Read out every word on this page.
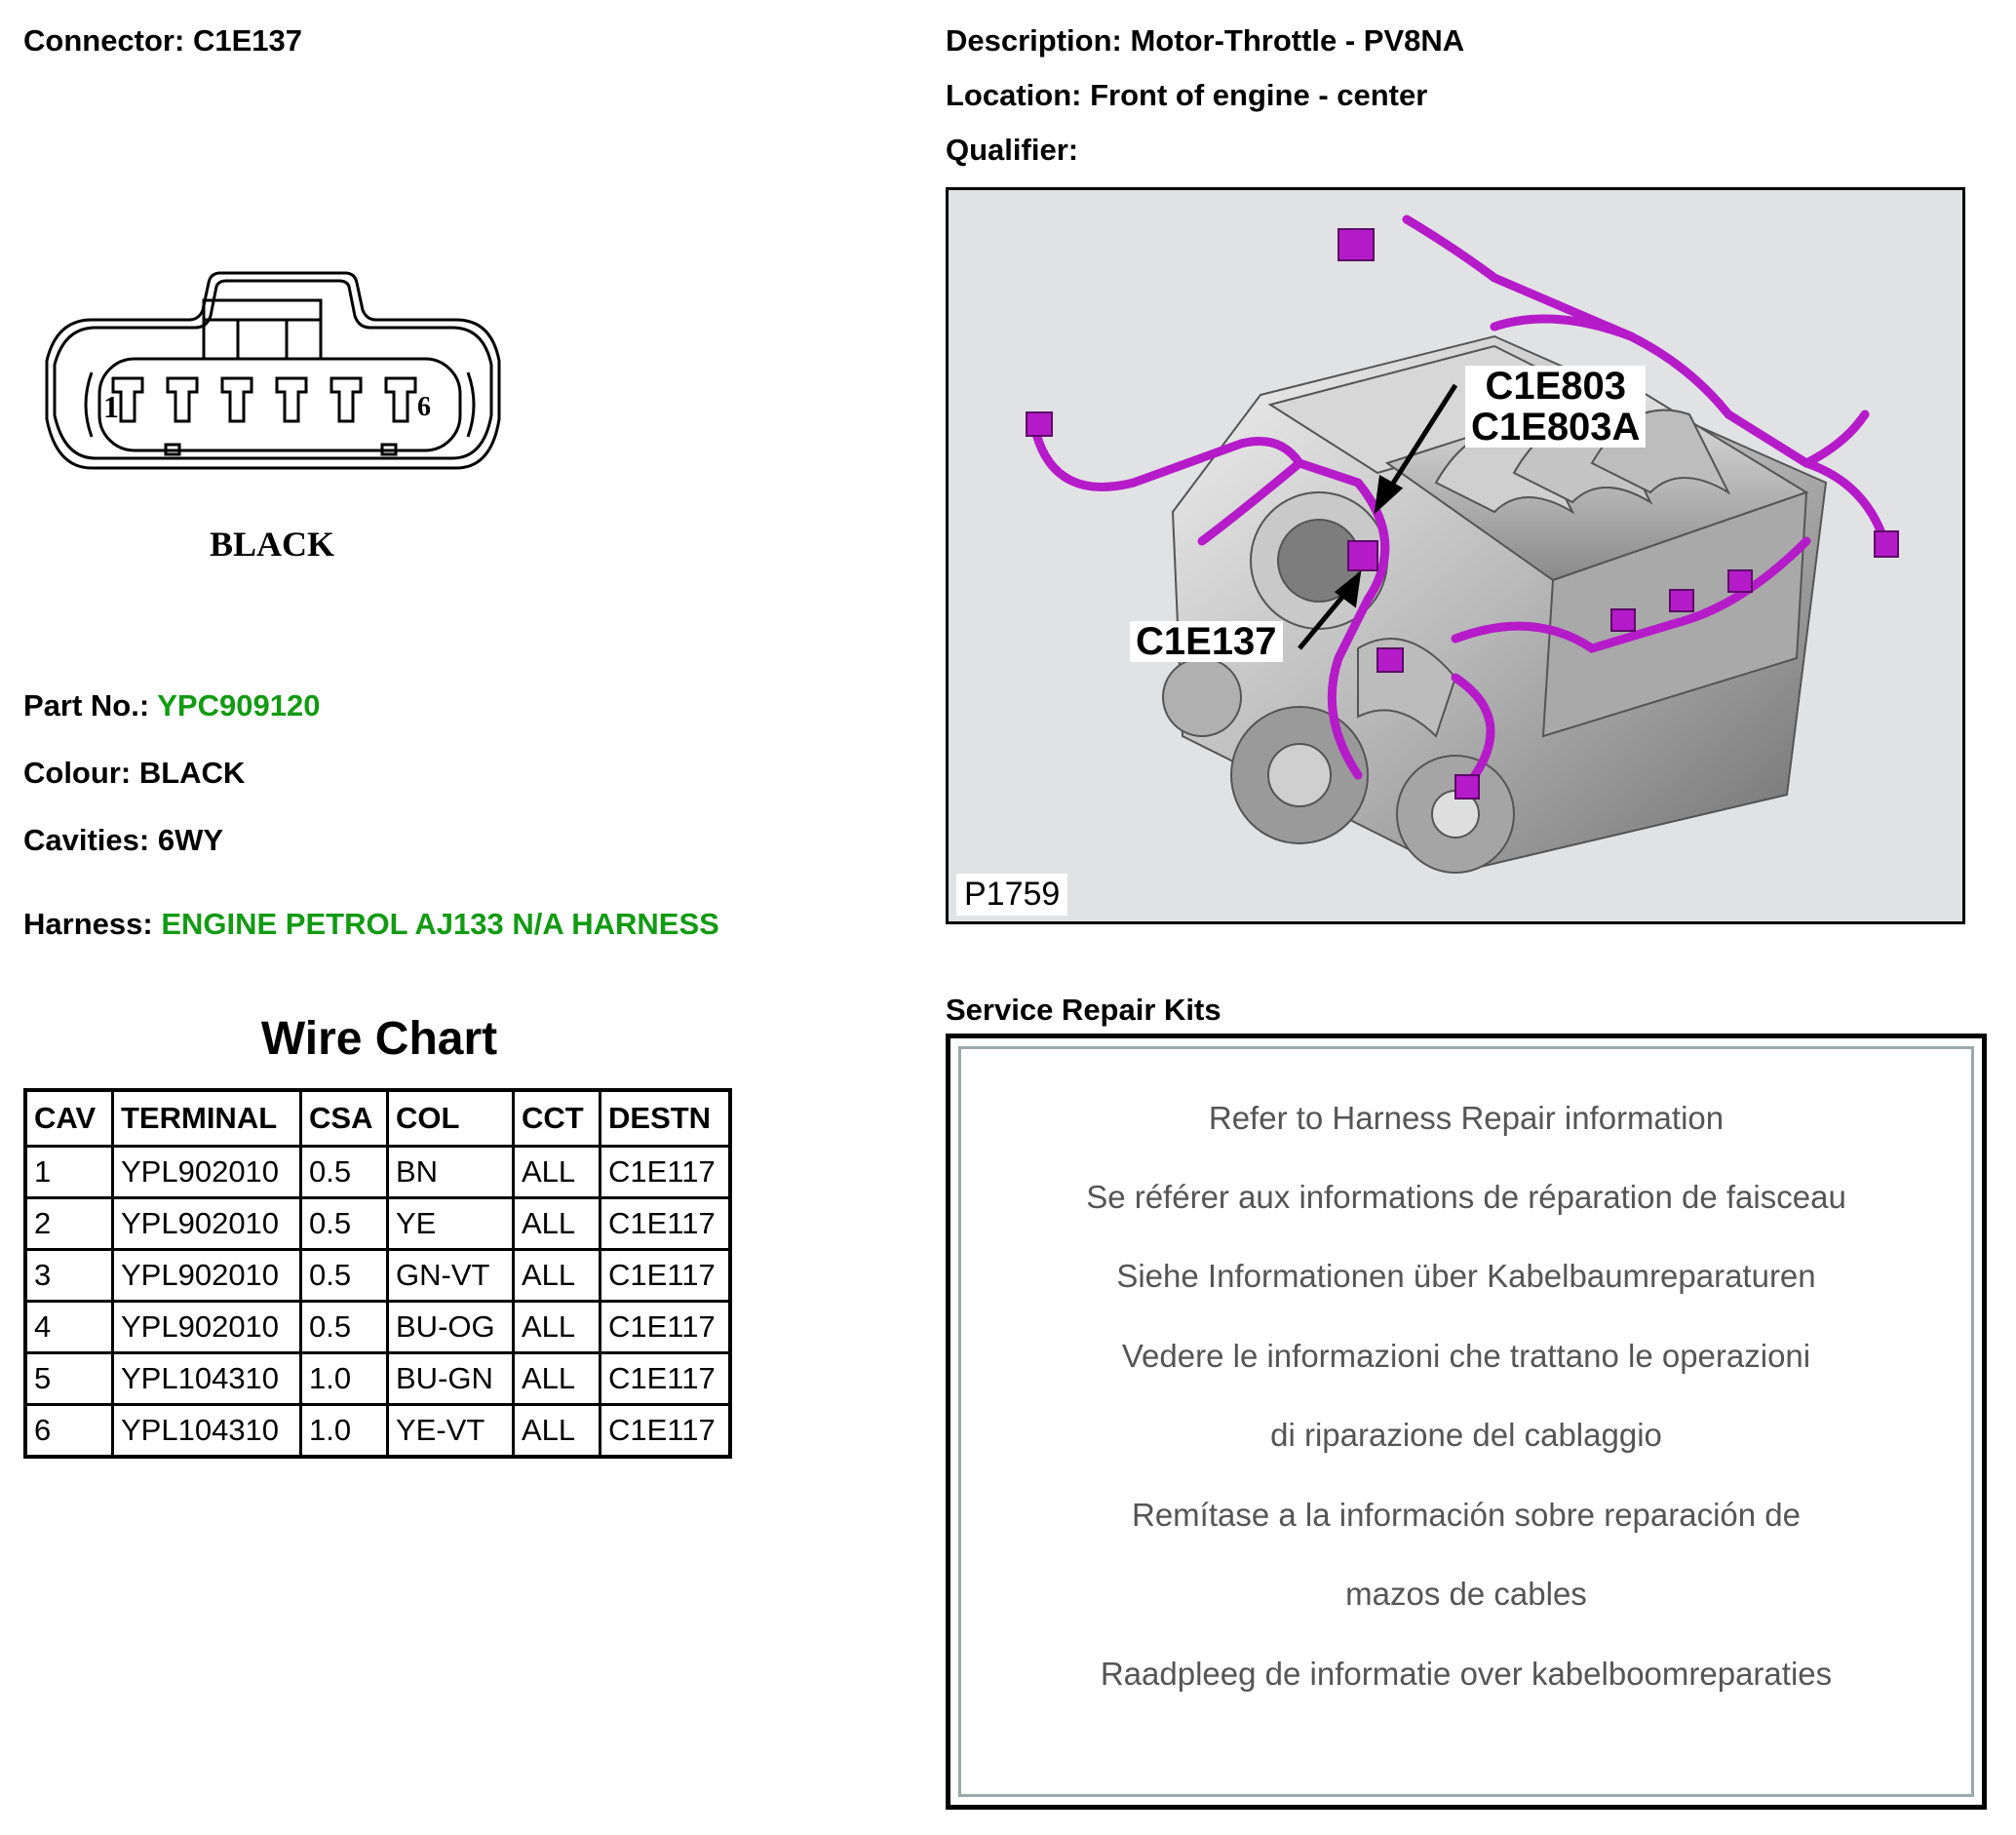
Connector: C1E137
1	6
BLACK
Part No.: YPC909120
Colour: BLACK
Cavities: 6WY
Harness: ENGINE PETROL AJ133 N/A HARNESS
Wire Chart
CAV	TERMINAL	CSA	COL	CCT	DESTN
1	YPL902010	0.5	BN	ALL	C1E117
2	YPL902010	0.5	YE	ALL	C1E117
3	YPL902010	0.5	GN-VT	ALL	C1E117
4	YPL902010	0.5	BU-OG	ALL	C1E117
5	YPL104310	1.0	BU-GN	ALL	C1E117
6	YPL104310	1.0	YE-VT	ALL	C1E117
Description: Motor-Throttle - PV8NA
Location: Front of engine - center
Qualifier:
C1E803
C1E803A
C1E137
P1759
Service Repair Kits
Refer to Harness Repair information
Se référer aux informations de réparation de faisceau
Siehe Informationen über Kabelbaumreparaturen
Vedere le informazioni che trattano le operazioni
di riparazione del cablaggio
Remítase a la información sobre reparación de
mazos de cables
Raadpleeg de informatie over kabelboomreparaties
